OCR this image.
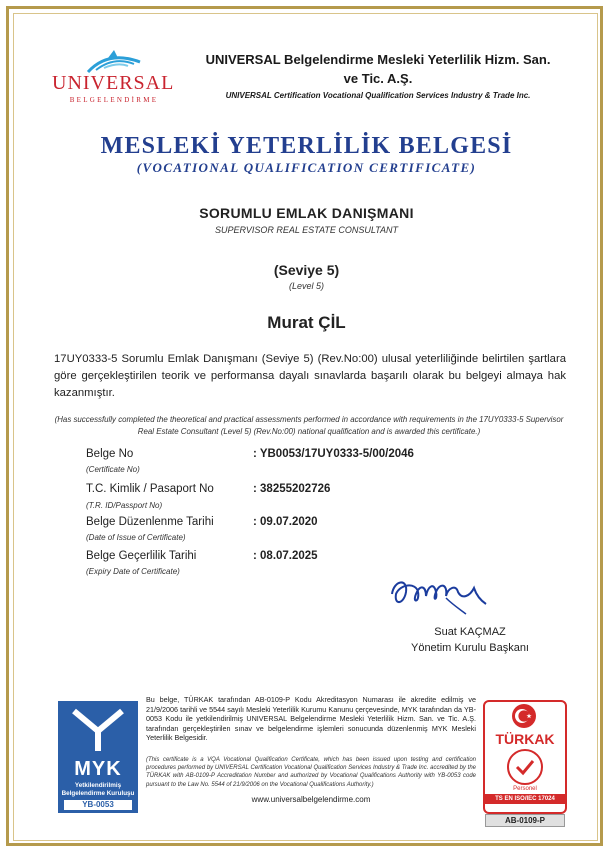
UNIVERSAL
BELGELENDİRME
UNIVERSAL Belgelendirme Mesleki Yeterlilik Hizm. San.
ve Tic. A.Ş.
UNIVERSAL Certification Vocational Qualification Services Industry & Trade Inc.
MESLEKİ YETERLİLİK BELGESİ
(VOCATIONAL QUALIFICATION CERTIFICATE)
SORUMLU EMLAK DANIŞMANI
SUPERVISOR REAL ESTATE CONSULTANT
(Seviye 5)
(Level 5)
Murat ÇİL
17UY0333-5 Sorumlu Emlak Danışmanı (Seviye 5) (Rev.No:00) ulusal yeterliliğinde belirtilen şartlara göre gerçekleştirilen teorik ve performansa dayalı sınavlarda başarılı olarak bu belgeyi almaya hak kazanmıştır.
(Has successfully completed the theoretical and practical assessments performed in accordance with requirements in the 17UY0333-5 Supervisor Real Estate Consultant (Level 5) (Rev.No:00) national qualification and is awarded this certificate.)
Belge No
(Certificate No)
: YB0053/17UY0333-5/00/2046
T.C. Kimlik / Pasaport No
(T.R. ID/Passport No)
: 38255202726
Belge Düzenlenme Tarihi
(Date of Issue of Certificate)
: 09.07.2020
Belge Geçerlilik Tarihi
(Expiry Date of Certificate)
: 08.07.2025
Suat KAÇMAZ
Yönetim Kurulu Başkanı
MYK
Yetkilendirilmiş Belgelendirme Kuruluşu
YB-0053
Bu belge, TÜRKAK tarafından AB-0109-P Kodu Akreditasyon Numarası ile akredite edilmiş ve 21/9/2006 tarihli ve 5544 sayılı Mesleki Yeterlilik Kurumu Kanunu çerçevesinde, MYK tarafından da YB-0053 Kodu ile yetkilendirilmiş UNIVERSAL Belgelendirme Mesleki Yeterlilik Hizm. San. ve Tic. A.Ş. tarafından gerçekleştirilen sınav ve belgelendirme işlemleri sonucunda düzenlenmiş MYK Mesleki Yeterlilik Belgesidir.
(This certificate is a VQA Vocational Qualification Certificate, which has been issued upon testing and certification procedures performed by UNIVERSAL Certification Vocational Qualification Services Industry & Trade Inc. accredited by the TÜRKAK with AB-0109-P Accreditation Number and authorized by Vocational Qualifications Authority with YB-0053 code pursuant to the Law No. 5544 of 21/9/2006 on the Vocational Qualifications Authority.)
www.universalbelgelendirme.com
TÜRKAK
Personel
TS EN ISO/IEC 17024
AB-0109-P
